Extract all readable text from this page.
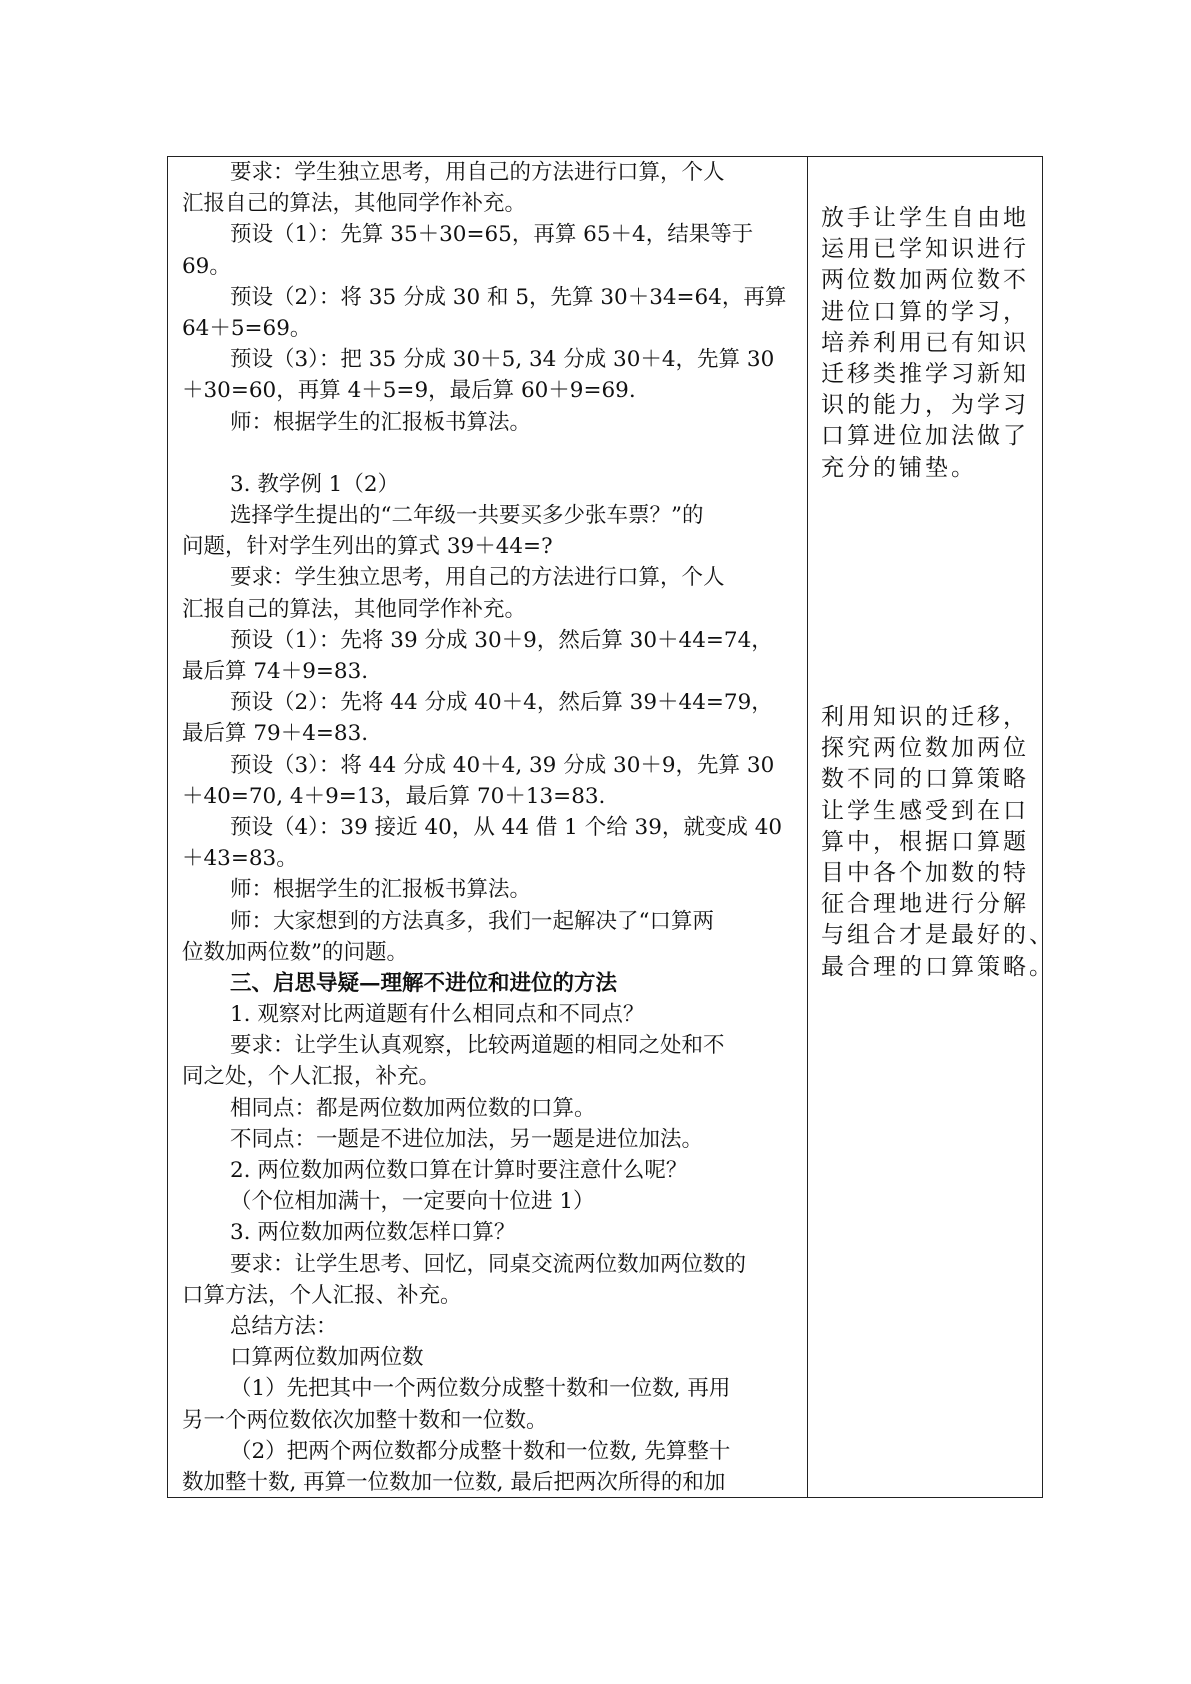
要求：学生独立思考，用自己的方法进行口算，个人
汇报自己的算法，其他同学作补充。
预设（1）：先算 35＋30=65，再算 65＋4，结果等于
69。
预设（2）：将 35 分成 30 和 5，先算 30＋34=64，再算
64＋5=69。
预设（3）：把 35 分成 30＋5, 34 分成 30＋4，先算 30
＋30=60，再算 4＋5=9，最后算 60＋9=69.
师：根据学生的汇报板书算法。
3. 教学例 1（2）
选择学生提出的“二年级一共要买多少张车票？”的
问题，针对学生列出的算式 39＋44=?
要求：学生独立思考，用自己的方法进行口算，个人
汇报自己的算法，其他同学作补充。
预设（1）：先将 39 分成 30＋9，然后算 30＋44=74，
最后算 74＋9=83.
预设（2）：先将 44 分成 40＋4，然后算 39＋44=79，
最后算 79＋4=83.
预设（3）：将 44 分成 40＋4, 39 分成 30＋9，先算 30
＋40=70, 4＋9=13，最后算 70＋13=83.
预设（4）：39 接近 40，从 44 借 1 个给 39，就变成 40
＋43=83。
师：根据学生的汇报板书算法。
师：大家想到的方法真多，我们一起解决了“口算两
位数加两位数”的问题。
三、启思导疑—理解不进位和进位的方法
1. 观察对比两道题有什么相同点和不同点？
要求：让学生认真观察，比较两道题的相同之处和不
同之处，个人汇报，补充。
相同点：都是两位数加两位数的口算。
不同点：一题是不进位加法，另一题是进位加法。
2. 两位数加两位数口算在计算时要注意什么呢？
（个位相加满十，一定要向十位进 1）
3. 两位数加两位数怎样口算？
要求：让学生思考、回忆，同桌交流两位数加两位数的
口算方法，个人汇报、补充。
总结方法：
口算两位数加两位数
（1）先把其中一个两位数分成整十数和一位数, 再用
另一个两位数依次加整十数和一位数。
（2）把两个两位数都分成整十数和一位数, 先算整十
数加整十数, 再算一位数加一位数, 最后把两次所得的和加
放手让学生自由地
运用已学知识进行
两位数加两位数不
进位口算的学习，
培养利用已有知识
迁移类推学习新知
识的能力，为学习
口算进位加法做了
充分的铺垫。
利用知识的迁移，
探究两位数加两位
数不同的口算策略
让学生感受到在口
算中，根据口算题
目中各个加数的特
征合理地进行分解
与组合才是最好的、
最合理的口算策略。
